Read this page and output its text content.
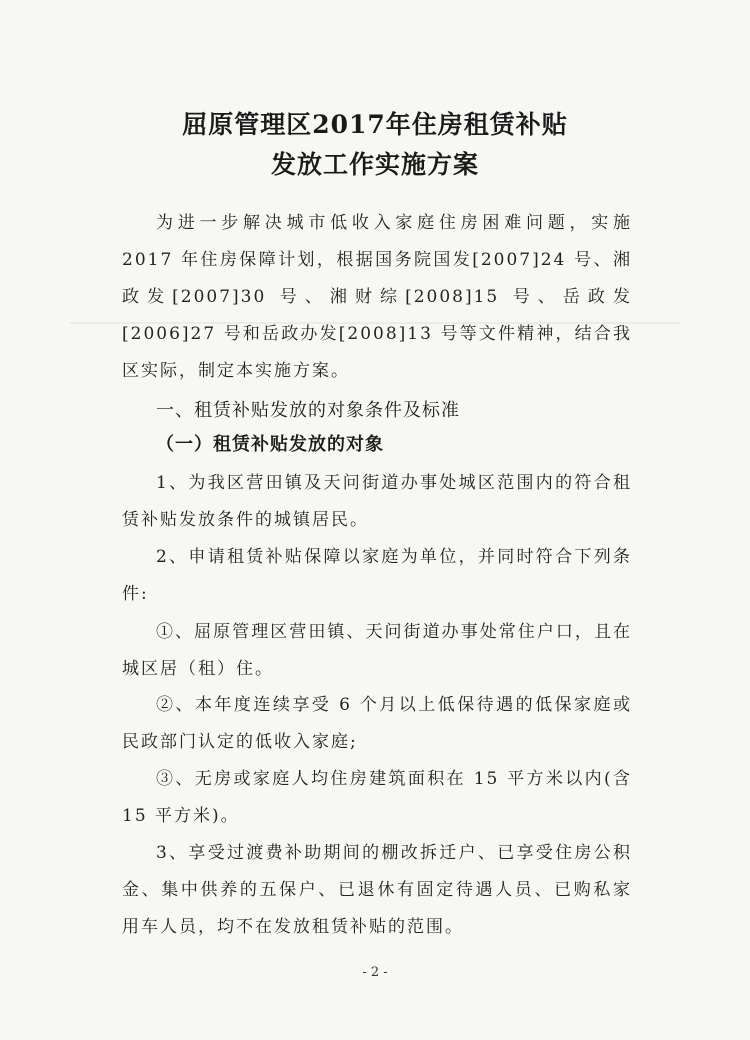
屈原管理区2017年住房租赁补贴
发放工作实施方案
为进一步解决城市低收入家庭住房困难问题，实施 2017 年住房保障计划，根据国务院国发[2007]24 号、湘政发[2007]30 号、湘财综[2008]15 号、岳政发[2006]27 号和岳政办发[2008]13 号等文件精神，结合我区实际，制定本实施方案。
一、租赁补贴发放的对象条件及标准
（一）租赁补贴发放的对象
1、为我区营田镇及天问街道办事处城区范围内的符合租赁补贴发放条件的城镇居民。
2、申请租赁补贴保障以家庭为单位，并同时符合下列条件:
①、屈原管理区营田镇、天问街道办事处常住户口，且在城区居（租）住。
②、本年度连续享受 6 个月以上低保待遇的低保家庭或民政部门认定的低收入家庭;
③、无房或家庭人均住房建筑面积在 15 平方米以内(含 15 平方米)。
3、享受过渡费补助期间的棚改拆迁户、已享受住房公积金、集中供养的五保户、已退休有固定待遇人员、已购私家用车人员，均不在发放租赁补贴的范围。
- 2 -
